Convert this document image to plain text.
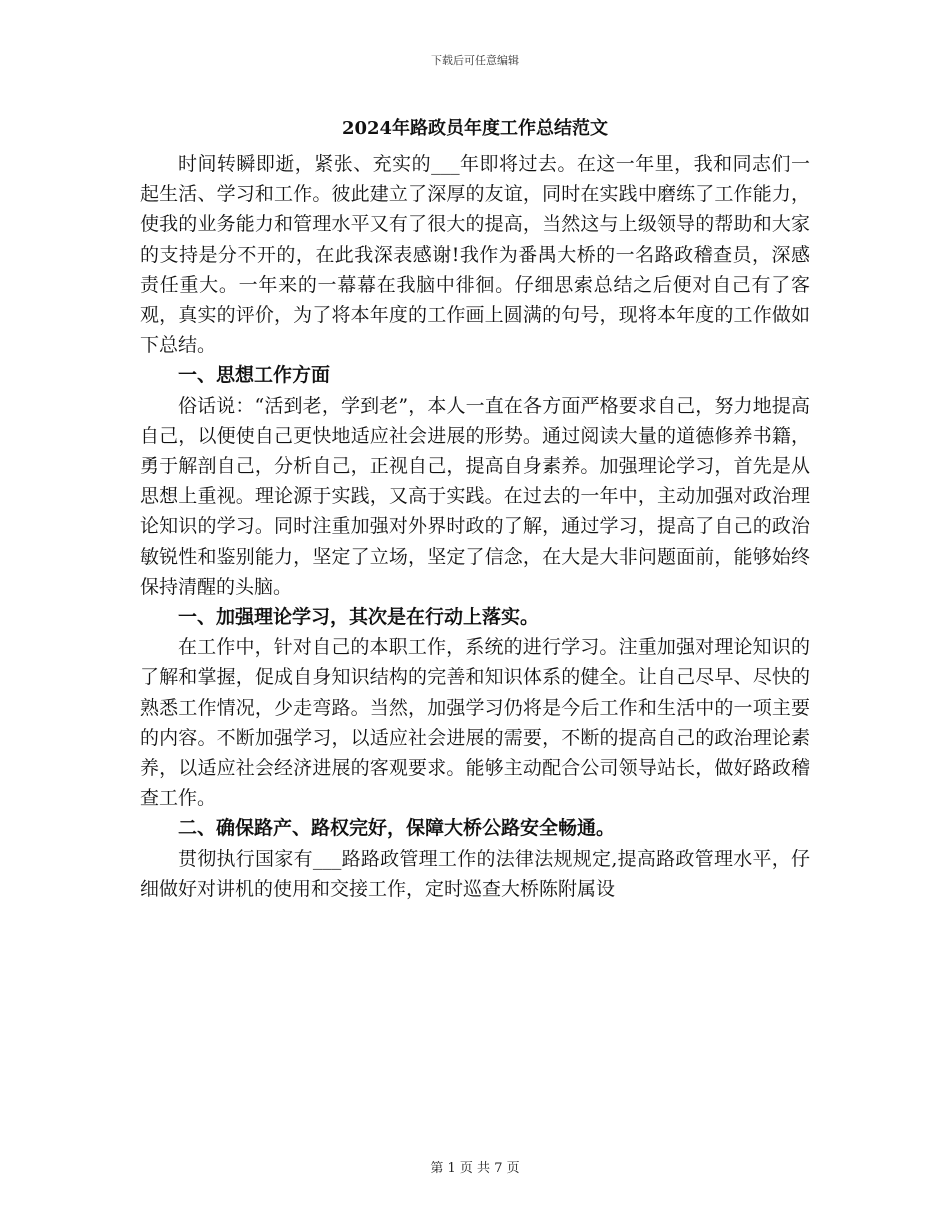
下载后可任意编辑
2024年路政员年度工作总结范文

时间转瞬即逝，紧张、充实的___年即将过去。在这一年里，我和同志们一起生活、学习和工作。彼此建立了深厚的友谊，同时在实践中磨练了工作能力，使我的业务能力和管理水平又有了很大的提高，当然这与上级领导的帮助和大家的支持是分不开的，在此我深表感谢!我作为番禺大桥的一名路政稽查员，深感责任重大。一年来的一幕幕在我脑中徘徊。仔细思索总结之后便对自己有了客观，真实的评价，为了将本年度的工作画上圆满的句号，现将本年度的工作做如下总结。

一、思想工作方面

俗话说：“活到老，学到老”，本人一直在各方面严格要求自己，努力地提高自己，以便使自己更快地适应社会进展的形势。通过阅读大量的道德修养书籍，勇于解剖自己，分析自己，正视自己，提高自身素养。加强理论学习，首先是从思想上重视。理论源于实践，又高于实践。在过去的一年中，主动加强对政治理论知识的学习。同时注重加强对外界时政的了解，通过学习，提高了自己的政治敏锐性和鉴别能力，坚定了立场，坚定了信念，在大是大非问题面前，能够始终保持清醒的头脑。

一、加强理论学习，其次是在行动上落实。

在工作中，针对自己的本职工作，系统的进行学习。注重加强对理论知识的了解和掌握，促成自身知识结构的完善和知识体系的健全。让自己尽早、尽快的熟悉工作情况，少走弯路。当然，加强学习仍将是今后工作和生活中的一项主要的内容。不断加强学习，以适应社会进展的需要，不断的提高自己的政治理论素养，以适应社会经济进展的客观要求。能够主动配合公司领导站长，做好路政稽查工作。

二、确保路产、路权完好，保障大桥公路安全畅通。

贯彻执行国家有___路路政管理工作的法律法规规定,提高路政管理水平，仔细做好对讲机的使用和交接工作，定时巡查大桥陈附属设

第 1 页 共 7 页
